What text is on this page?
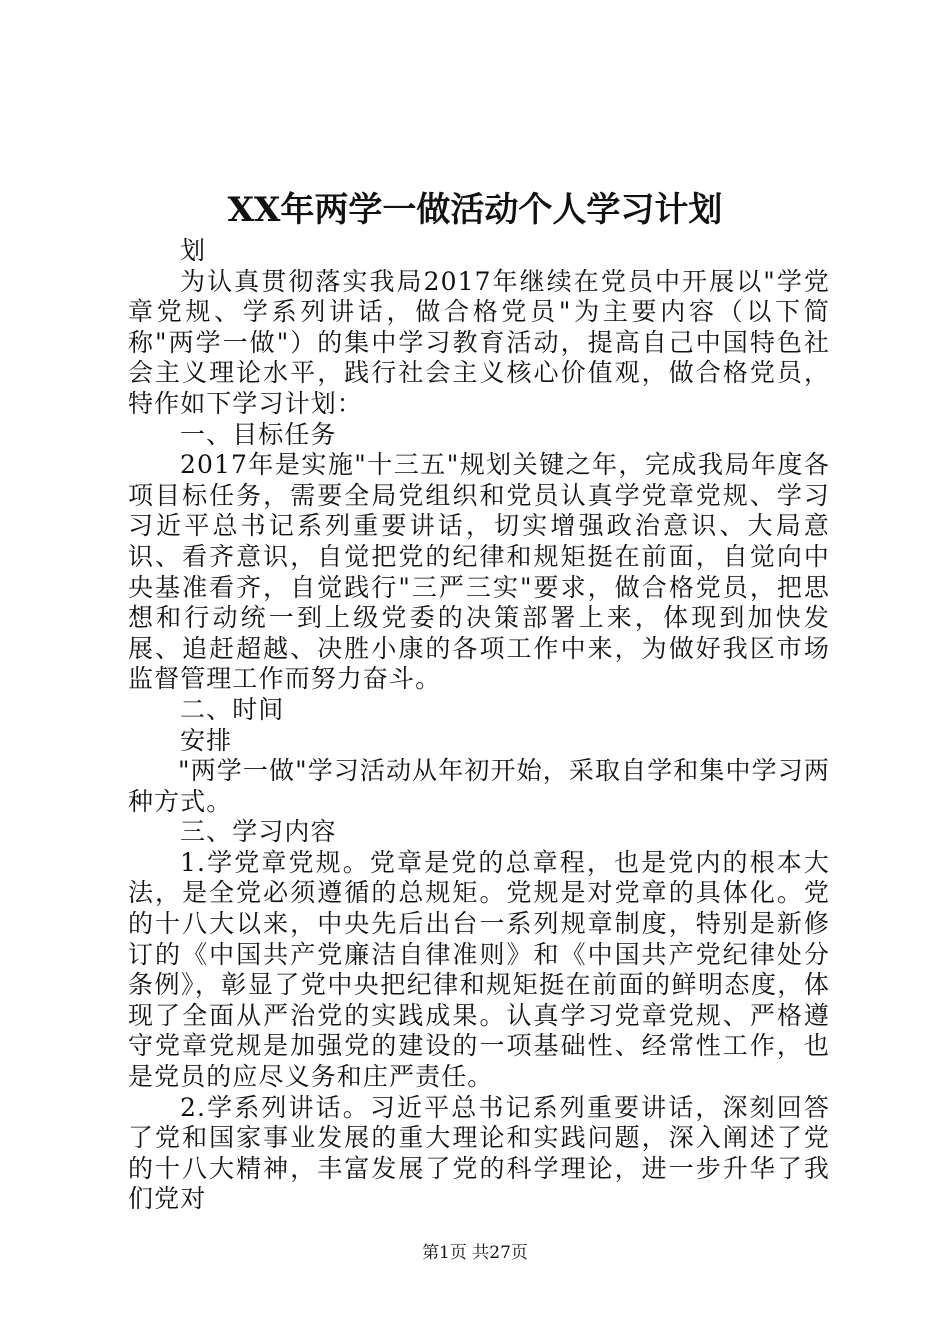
XX年两学一做活动个人学习计划

划

为认真贯彻落实我局2017年继续在党员中开展以"学党章党规、学系列讲话，做合格党员"为主要内容（以下简称"两学一做"）的集中学习教育活动，提高自己中国特色社会主义理论水平，践行社会主义核心价值观，做合格党员，特作如下学习计划：

一、目标任务

2017年是实施"十三五"规划关键之年，完成我局年度各项目标任务，需要全局党组织和党员认真学党章党规、学习习近平总书记系列重要讲话，切实增强政治意识、大局意识、看齐意识，自觉把党的纪律和规矩挺在前面，自觉向中央基准看齐，自觉践行"三严三实"要求，做合格党员，把思想和行动统一到上级党委的决策部署上来，体现到加快发展、追赶超越、决胜小康的各项工作中来，为做好我区市场监督管理工作而努力奋斗。

二、时间

安排

"两学一做"学习活动从年初开始，采取自学和集中学习两种方式。

三、学习内容

1.学党章党规。党章是党的总章程，也是党内的根本大法，是全党必须遵循的总规矩。党规是对党章的具体化。党的十八大以来，中央先后出台一系列规章制度，特别是新修订的《中国共产党廉洁自律准则》和《中国共产党纪律处分条例》，彰显了党中央把纪律和规矩挺在前面的鲜明态度，体现了全面从严治党的实践成果。认真学习党章党规、严格遵守党章党规是加强党的建设的一项基础性、经常性工作，也是党员的应尽义务和庄严责任。

2.学系列讲话。习近平总书记系列重要讲话，深刻回答了党和国家事业发展的重大理论和实践问题，深入阐述了党的十八大精神，丰富发展了党的科学理论，进一步升华了我们党对

第1页 共27页
